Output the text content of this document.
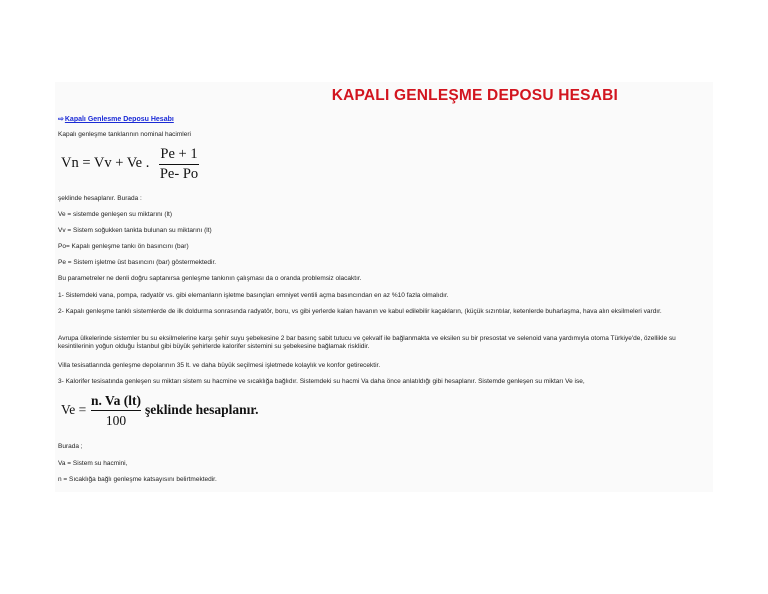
KAPALI GENLEŞME DEPOSU HESABI
⇨Kapalı Genlesme Deposu Hesabı
Kapalı genleşme tanklarının nominal hacimleri
Vn = Vv + Ve . $\frac{Pe + 1}{Pe- Po}$
şeklinde hesaplanır. Burada :
Ve = sistemde genleşen su miktarını (lt)
Vv = Sistem soğukken tankta bulunan su miktarını (lt)
Po= Kapalı genleşme tankı ön basıncını (bar)
Pe = Sistem işletme üst basıncını (bar) göstermektedir.
Bu parametreler ne denli doğru saptanırsa genleşme tankının çalışması da o oranda problemsiz olacaktır.
1- Sistemdeki vana, pompa, radyatör vs. gibi elemanların işletme basınçları emniyet ventili açma basıncından en az %10 fazla olmalıdır.
2- Kapalı genleşme tanklı sistemlerde de ilk doldurma sonrasında radyatör, boru, vs gibi yerlerde kalan havanın ve kabul edilebilir kaçakların, (küçük sızıntılar, ketenlerde buharlaşma, hava alın eksilmeleri vardır.
Avrupa ülkelerinde sistemler bu su eksilmelerine karşı şehir suyu şebekesine 2 bar basınç sabit tutucu ve çekvalf ile bağlanmakta ve eksilen su bir presostat ve selenoid vana yardımıyla otoma Türkiye'de, özellikle su kesintilerinin yoğun olduğu İstanbul gibi büyük şehirlerde kalorifer sistemini su şebekesine bağlamak risklidir.
Villa tesisatlarında genleşme depolarının 35 lt. ve daha büyük seçilmesi işletmede kolaylık ve konfor getirecektir.
3- Kalorifer tesisatında genleşen su miktarı sistem su hacmine ve sıcaklığa bağlıdır. Sistemdeki su hacmi Va daha önce anlatıldığı gibi hesaplanır. Sistemde genleşen su miktarı Ve ise,
$Ve = \frac{n. Va (lt)}{100}$ şeklinde hesaplanır.
Burada ;
Va = Sistem su hacmini,
n = Sıcaklığa bağlı genleşme katsayısını belirtmektedir.
